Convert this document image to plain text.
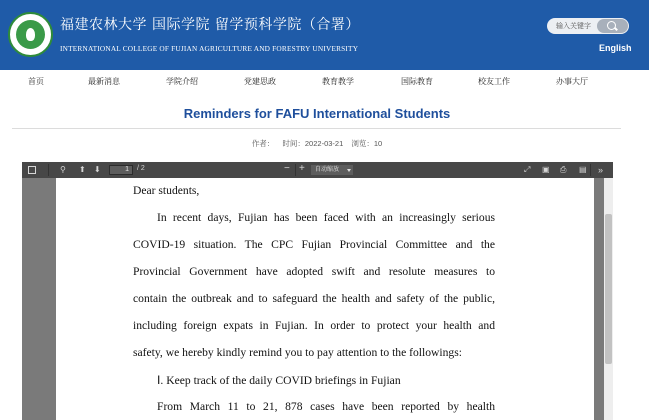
福建农林大学 国际学院 留学预科学院（合署）
INTERNATIONAL COLLEGE OF FUJIAN AGRICULTURE AND FORESTRY UNIVERSITY
输入关键字
English
首页	最新消息	学院介绍	党建思政	教育教学	国际教育	校友工作	办事大厅
Reminders for FAFU International Students
作者： 时间：2022-03-21 浏览：10
⚲ ⬆ ⬇	1	/ 2	− +	自动缩放	⤢ ▣ ⎙ ▤ »
Dear students,
In recent days, Fujian has been faced with an increasingly serious
COVID-19 situation. The CPC Fujian Provincial Committee and the
Provincial Government have adopted swift and resolute measures to
contain the outbreak and to safeguard the health and safety of the public,
including foreign expats in Fujian. In order to protect your health and
safety, we hereby kindly remind you to pay attention to the followings:
Ⅰ. Keep track of the daily COVID briefings in Fujian
From March 11 to 21, 878 cases have been reported by health
